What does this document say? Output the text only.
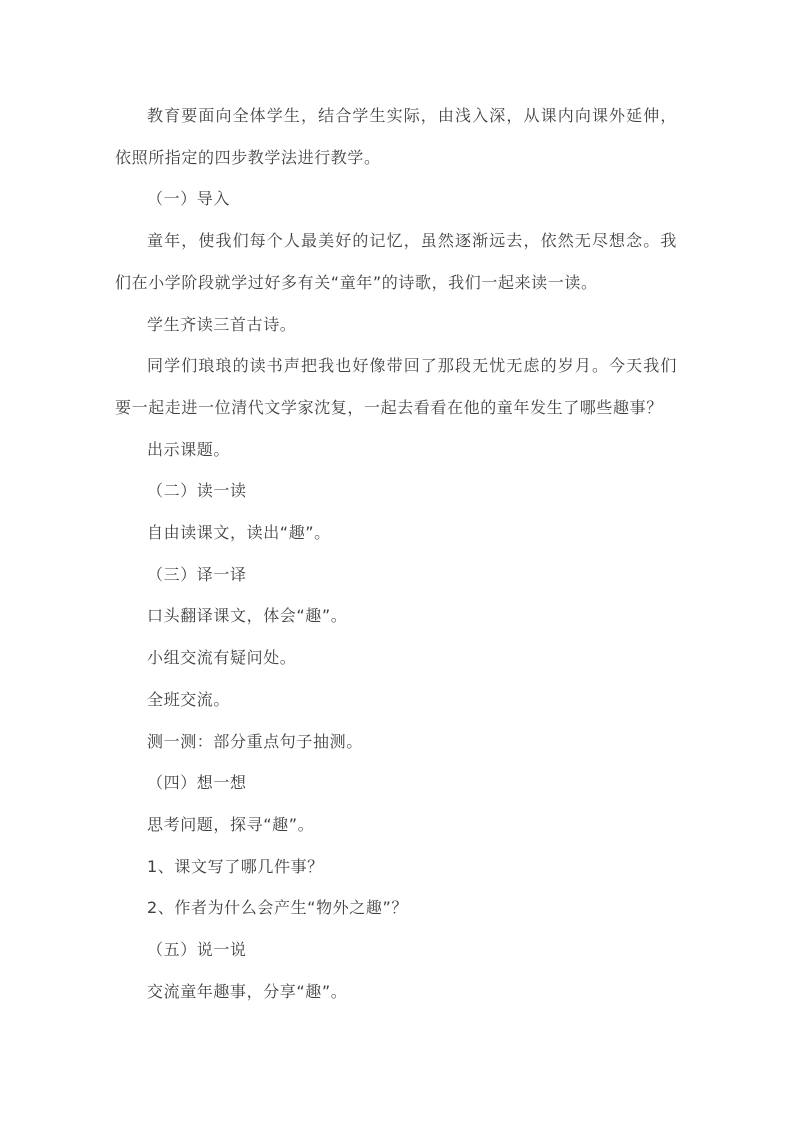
教育要面向全体学生，结合学生实际，由浅入深，从课内向课外延伸，依照所指定的四步教学法进行教学。

（一）导入

童年，使我们每个人最美好的记忆，虽然逐渐远去，依然无尽想念。我们在小学阶段就学过好多有关“童年”的诗歌，我们一起来读一读。

学生齐读三首古诗。

同学们琅琅的读书声把我也好像带回了那段无忧无虑的岁月。今天我们要一起走进一位清代文学家沈复，一起去看看在他的童年发生了哪些趣事？

出示课题。

（二）读一读

自由读课文，读出“趣”。

（三）译一译

口头翻译课文，体会“趣”。

小组交流有疑问处。

全班交流。

测一测：部分重点句子抽测。

（四）想一想

思考问题，探寻“趣”。

1、课文写了哪几件事？

2、作者为什么会产生“物外之趣”？

（五）说一说

交流童年趣事，分享“趣”。
